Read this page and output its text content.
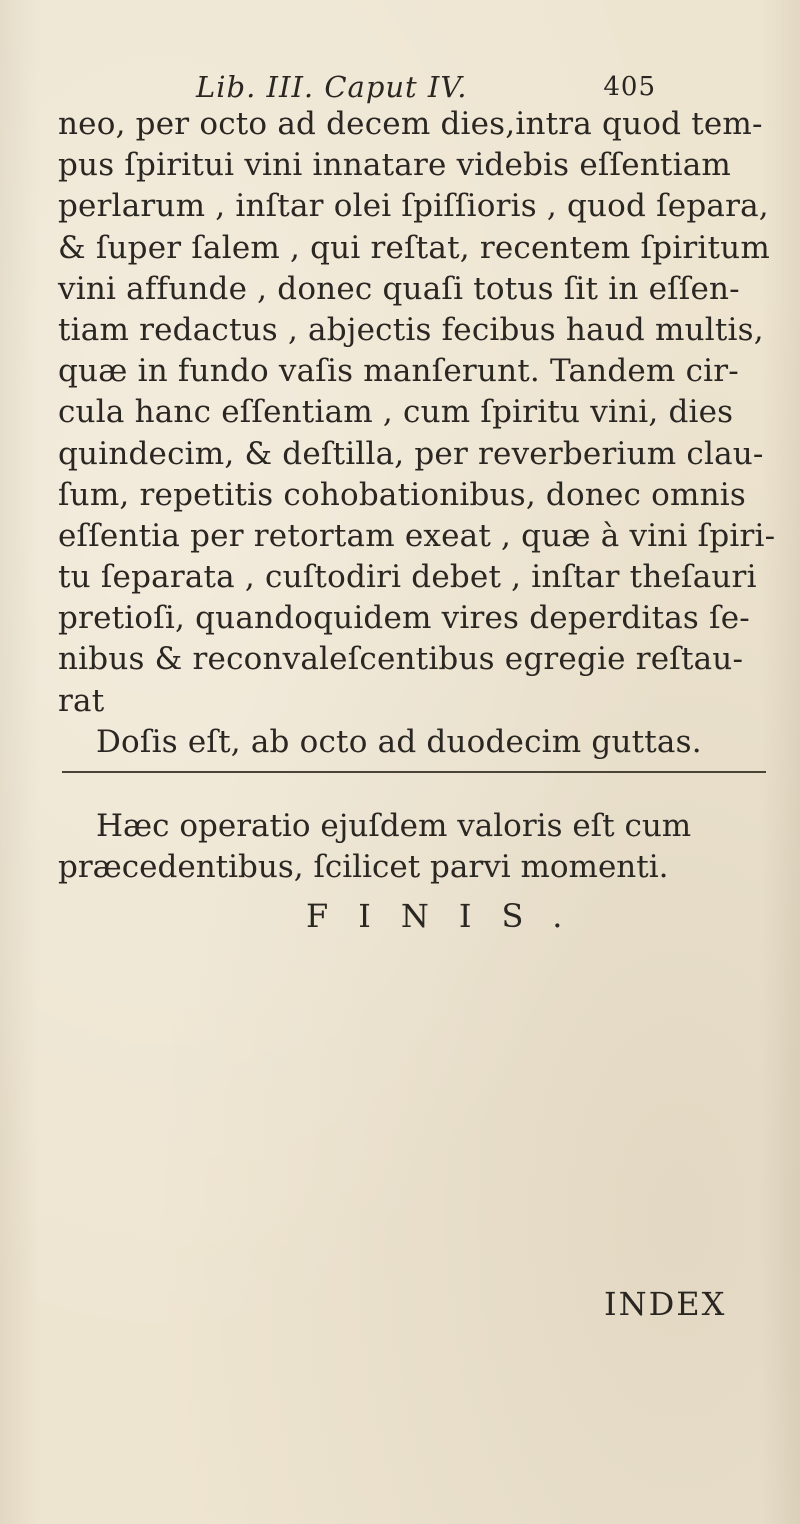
Lib. III. Caput IV.	405
neo, per octo ad decem dies,intra quod tem-
pus ſpiritui vini innatare videbis eſſentiam
perlarum , inſtar olei ſpiſſioris , quod ſepara,
& ſuper ſalem , qui reſtat, recentem ſpiritum
vini affunde , donec quaſi totus ſit in eſſen-
tiam redactus , abjectis fecibus haud multis,
quæ in fundo vaſis manſerunt. Tandem cir-
cula hanc eſſentiam , cum ſpiritu vini, dies
quindecim, & deſtilla, per reverberium clau-
ſum, repetitis cohobationibus, donec omnis
eſſentia per retortam exeat , quæ à vini ſpiri-
tu ſeparata , cuſtodiri debet , inſtar theſauri
pretioſi, quandoquidem vires deperditas ſe-
nibus & reconvaleſcentibus egregie reſtau-
rat
Doſis eſt, ab octo ad duodecim guttas.
Hæc operatio ejuſdem valoris eſt cum
præcedentibus, ſcilicet parvi momenti.
FINIS.
INDEX
